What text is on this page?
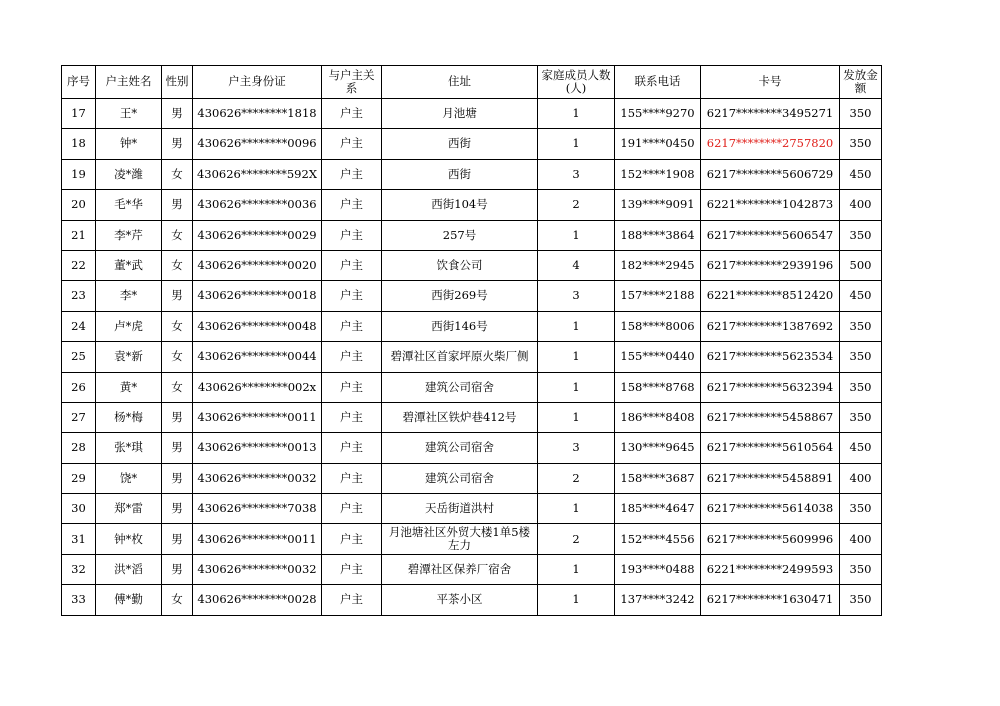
序号	户主姓名	性别	户主身份证	与户主关系	住址	家庭成员人数(人)	联系电话	卡号	发放金额
17	王*	男	430626********1818	户主	月池塘	1	155****9270	6217********3495271	350
18	钟*	男	430626********0096	户主	西街	1	191****0450	6217********2757820	350
19	凌*潍	女	430626********592X	户主	西街	3	152****1908	6217********5606729	450
20	毛*华	男	430626********0036	户主	西街104号	2	139****9091	6221********1042873	400
21	李*芹	女	430626********0029	户主	257号	1	188****3864	6217********5606547	350
22	董*武	女	430626********0020	户主	饮食公司	4	182****2945	6217********2939196	500
23	李*	男	430626********0018	户主	西街269号	3	157****2188	6221********8512420	450
24	卢*虎	女	430626********0048	户主	西街146号	1	158****8006	6217********1387692	350
25	袁*新	女	430626********0044	户主	碧潭社区首家坪原火柴厂侧	1	155****0440	6217********5623534	350
26	黄*	女	430626********002x	户主	建筑公司宿舍	1	158****8768	6217********5632394	350
27	杨*梅	男	430626********0011	户主	碧潭社区铁炉巷412号	1	186****8408	6217********5458867	350
28	张*琪	男	430626********0013	户主	建筑公司宿舍	3	130****9645	6217********5610564	450
29	饶*	男	430626********0032	户主	建筑公司宿舍	2	158****3687	6217********5458891	400
30	郑*雷	男	430626********7038	户主	天岳街道洪村	1	185****4647	6217********5614038	350
31	钟*枚	男	430626********0011	户主	月池塘社区外贸大楼1单5楼左力	2	152****4556	6217********5609996	400
32	洪*滔	男	430626********0032	户主	碧潭社区保养厂宿舍	1	193****0488	6221********2499593	350
33	傅*勤	女	430626********0028	户主	平茶小区	1	137****3242	6217********1630471	350
